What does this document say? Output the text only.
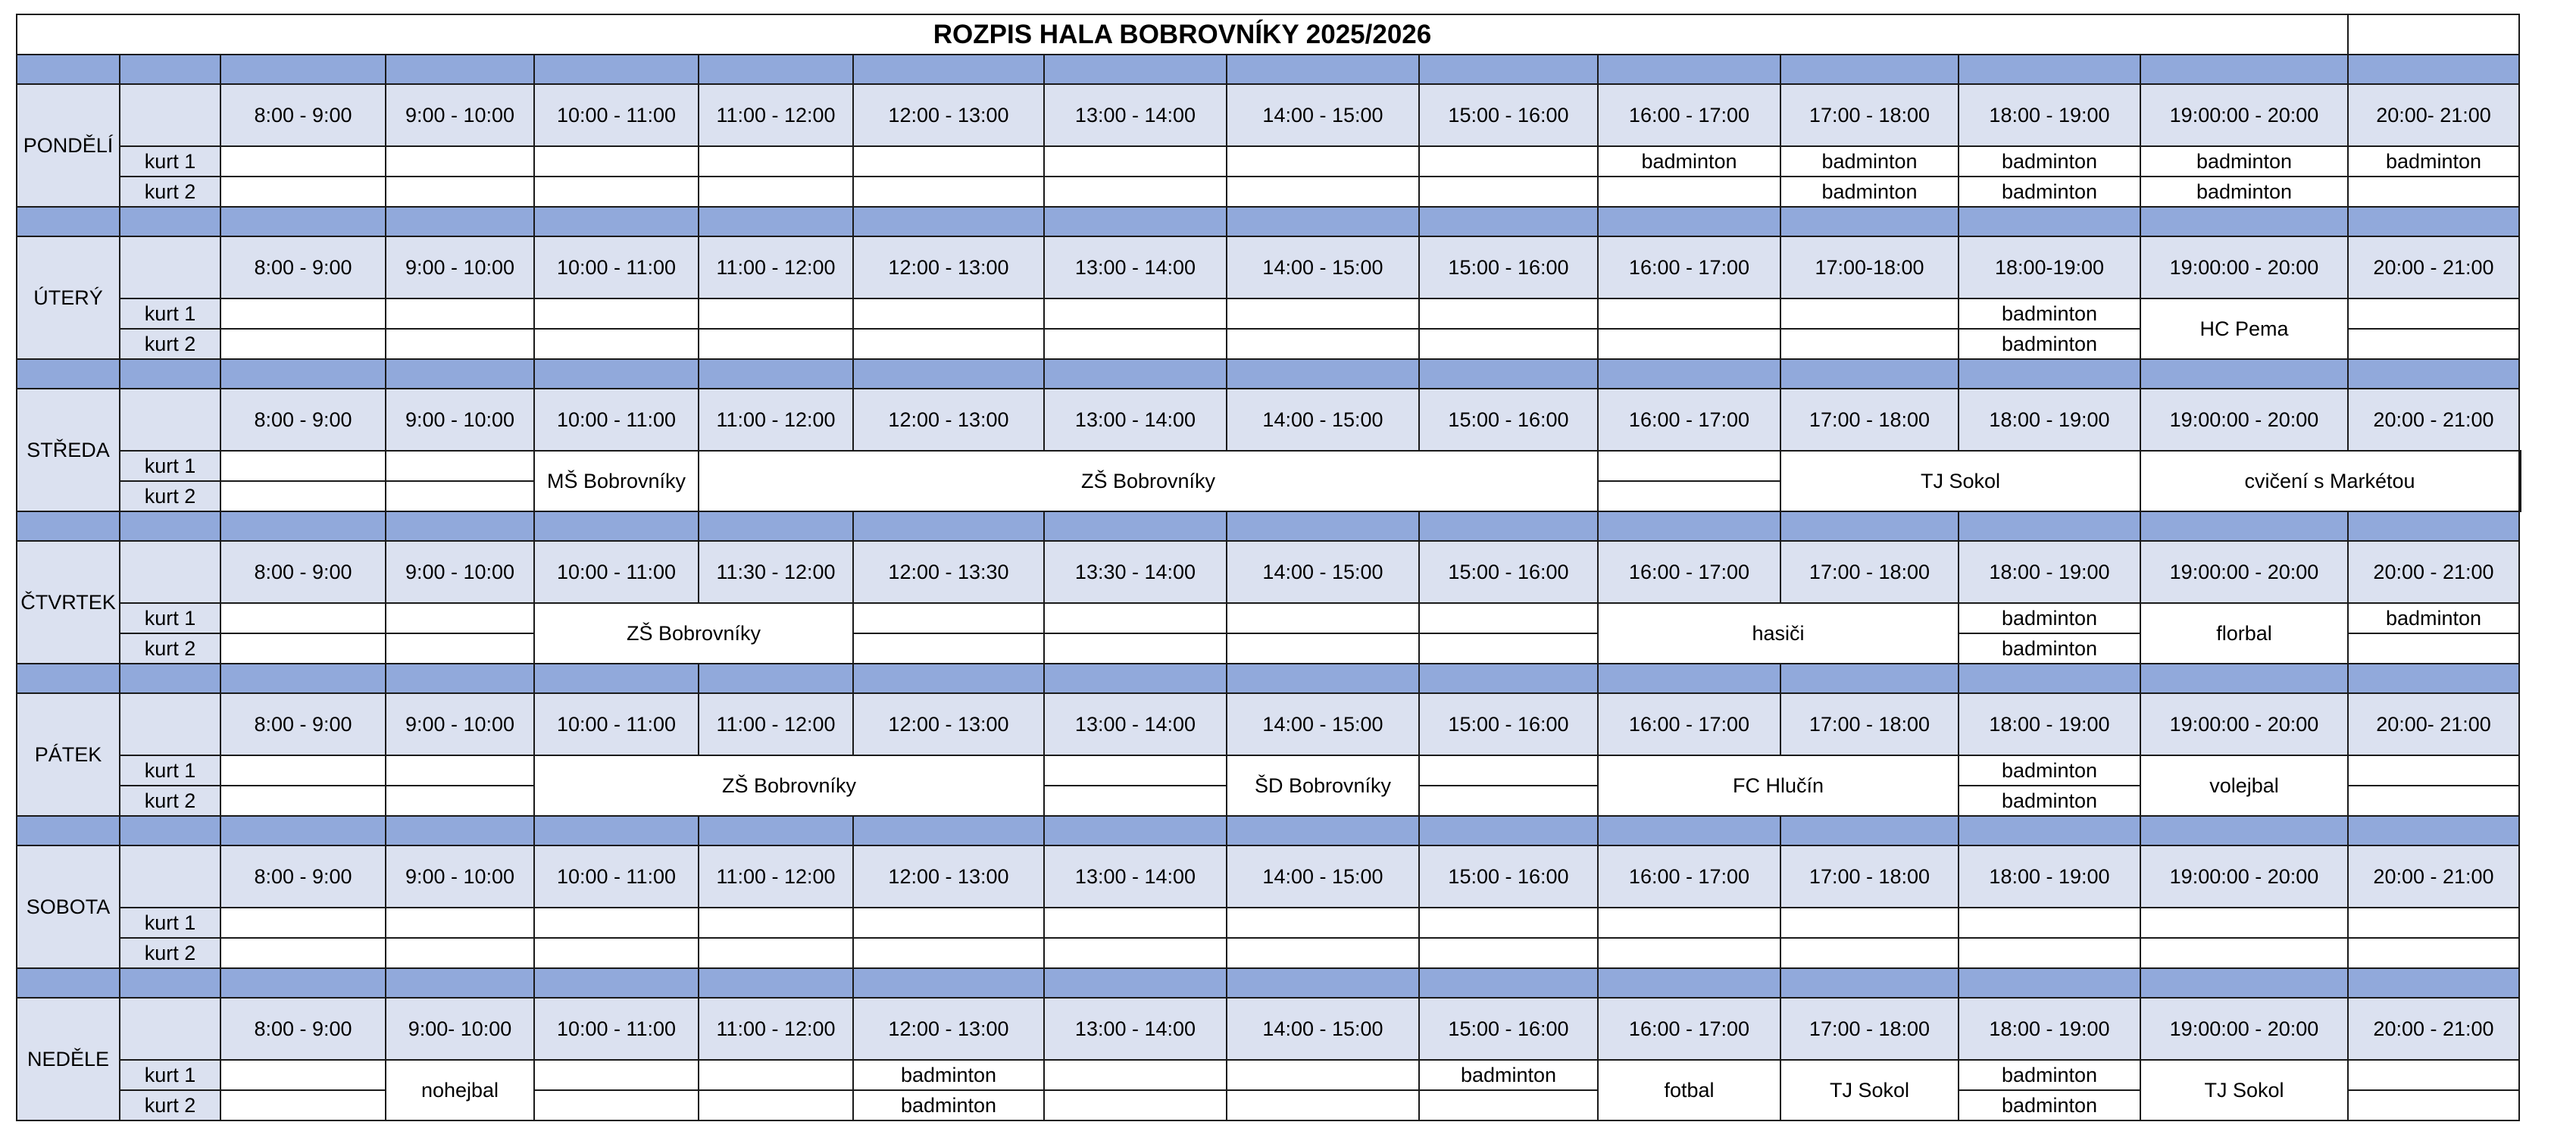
ROZPIS HALA BOBROVNÍKY 2025/2026															

PONDĚLÍ		8:00 - 9:00	9:00 - 10:00	10:00 - 11:00	11:00 - 12:00	12:00 - 13:00	13:00 - 14:00	14:00 - 15:00	15:00 - 16:00	16:00 - 17:00	17:00 - 18:00	18:00 - 19:00	19:00:00 - 20:00	20:00- 21:00	
	kurt 1									badminton	badminton	badminton	badminton	badminton	
	kurt 2										badminton	badminton	badminton		

ÚTERÝ		8:00 - 9:00	9:00 - 10:00	10:00 - 11:00	11:00 - 12:00	12:00 - 13:00	13:00 - 14:00	14:00 - 15:00	15:00 - 16:00	16:00 - 17:00	17:00-18:00	18:00-19:00	19:00:00 - 20:00	20:00 - 21:00	
	kurt 1											badminton	HC Pema		
	kurt 2											badminton			

STŘEDA		8:00 - 9:00	9:00 - 10:00	10:00 - 11:00	11:00 - 12:00	12:00 - 13:00	13:00 - 14:00	14:00 - 15:00	15:00 - 16:00	16:00 - 17:00	17:00 - 18:00	18:00 - 19:00	19:00:00 - 20:00	20:00 - 21:00	
	kurt 1			MŠ Bobrovníky	ZŠ Bobrovníky						TJ Sokol		cvičení s Markétou		
	kurt 2														

ČTVRTEK		8:00 - 9:00	9:00 - 10:00	10:00 - 11:00	11:30 - 12:00	12:00 - 13:30	13:30 - 14:00	14:00 - 15:00	15:00 - 16:00	16:00 - 17:00	17:00 - 18:00	18:00 - 19:00	19:00:00 - 20:00	20:00 - 21:00	
	kurt 1			ZŠ Bobrovníky						hasiči		badminton	florbal	badminton	
	kurt 2											badminton			

PÁTEK		8:00 - 9:00	9:00 - 10:00	10:00 - 11:00	11:00 - 12:00	12:00 - 13:00	13:00 - 14:00	14:00 - 15:00	15:00 - 16:00	16:00 - 17:00	17:00 - 18:00	18:00 - 19:00	19:00:00 - 20:00	20:00- 21:00	
	kurt 1			ZŠ Bobrovníky				ŠD Bobrovníky		FC Hlučín		badminton	volejbal		
	kurt 2											badminton			

SOBOTA		8:00 - 9:00	9:00 - 10:00	10:00 - 11:00	11:00 - 12:00	12:00 - 13:00	13:00 - 14:00	14:00 - 15:00	15:00 - 16:00	16:00 - 17:00	17:00 - 18:00	18:00 - 19:00	19:00:00 - 20:00	20:00 - 21:00	
	kurt 1														
	kurt 2														

NEDĚLE		8:00 - 9:00	9:00- 10:00	10:00 - 11:00	11:00 - 12:00	12:00 - 13:00	13:00 - 14:00	14:00 - 15:00	15:00 - 16:00	16:00 - 17:00	17:00 - 18:00	18:00 - 19:00	19:00:00 - 20:00	20:00 - 21:00	
	kurt 1		nohejbal			badminton			badminton	fotbal	TJ Sokol	badminton	TJ Sokol		
	kurt 2					badminton						badminton			
